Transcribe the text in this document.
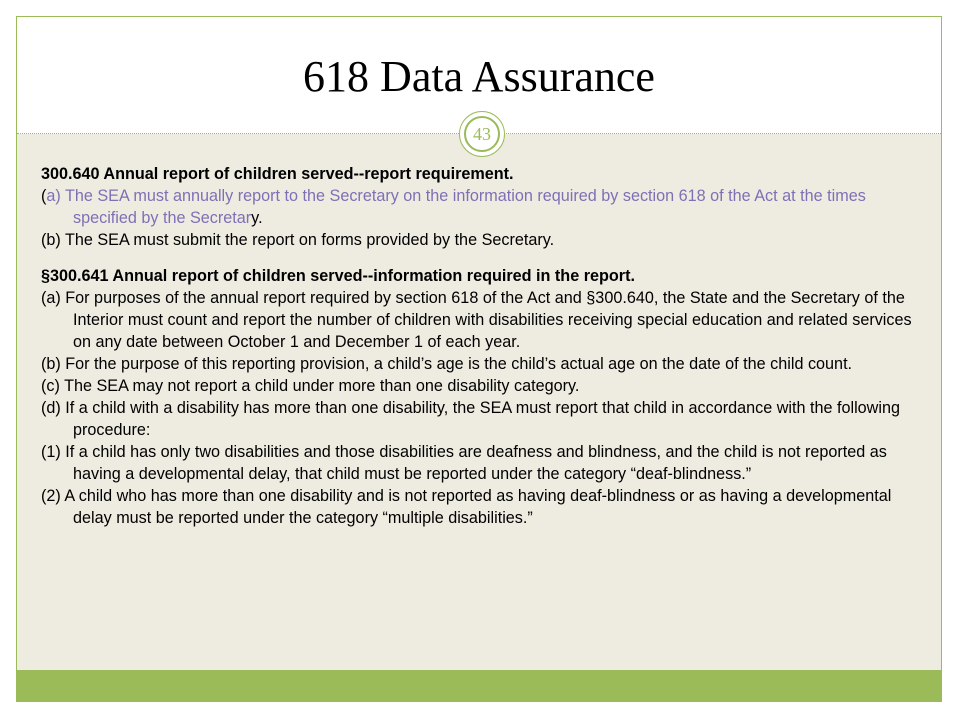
618 Data Assurance
43

300.640 Annual report of children served--report requirement.

(a) The SEA must annually report to the Secretary on the information required by section 618 of the Act at the times specified by the Secretary.

(b) The SEA must submit the report on forms provided by the Secretary.

§300.641 Annual report of children served--information required in the report.

(a) For purposes of the annual report required by section 618 of the Act and §300.640, the State and the Secretary of the Interior must count and report the number of children with disabilities receiving special education and related services on any date between October 1 and December 1 of each year.

(b) For the purpose of this reporting provision, a child’s age is the child’s actual age on the date of the child count.

(c) The SEA may not report a child under more than one disability category.

(d) If a child with a disability has more than one disability, the SEA must report that child in accordance with the following procedure:

(1) If a child has only two disabilities and those disabilities are deafness and blindness, and the child is not reported as having a developmental delay, that child must be reported under the category “deaf-blindness.”

(2) A child who has more than one disability and is not reported as having deaf-blindness or as having a developmental delay must be reported under the category “multiple disabilities.”
